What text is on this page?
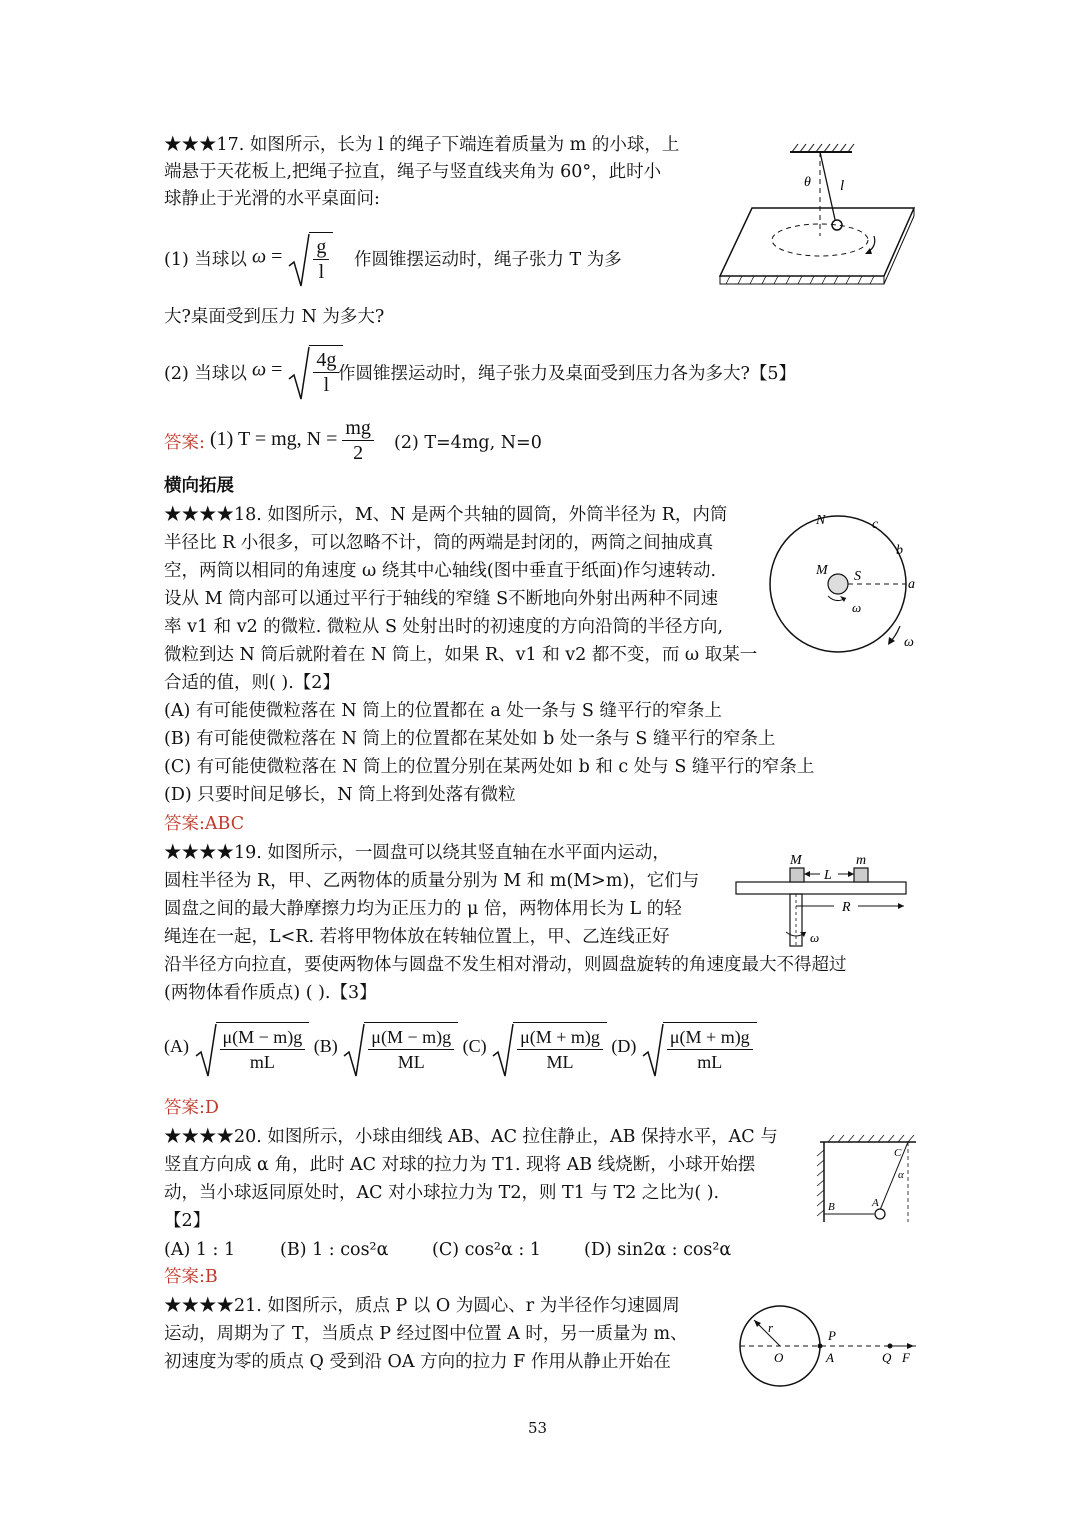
★★★17. 如图所示，长为 l 的绳子下端连着质量为 m 的小球，上
端悬于天花板上,把绳子拉直，绳子与竖直线夹角为 60°，此时小
球静止于光滑的水平桌面问:
(1) 当球以 $\omega = \frac{g}{l}$ 作圆锥摆运动时，绳子张力 T 为多
大?桌面受到压力 N 为多大?
(2) 当球以 $\omega = \frac{4g}{l}$
作圆锥摆运动时，绳子张力及桌面受到压力各为多大?【5】
答案: (1) T = mg, $N = \frac{mg}{2} (2)$ T=4mg, N=0
θ l
横向拓展
★★★★18. 如图所示，M、N 是两个共轴的圆筒，外筒半径为 R，内筒
半径比 R 小很多，可以忽略不计，筒的两端是封闭的，两筒之间抽成真
空，两筒以相同的角速度 ω 绕其中心轴线(图中垂直于纸面)作匀速转动.
设从 M 筒内部可以通过平行于轴线的窄缝 S不断地向外射出两种不同速
率 v1 和 v2 的微粒. 微粒从 S 处射出时的初速度的方向沿筒的半径方向,
微粒到达 N 筒后就附着在 N 筒上，如果 R、v1 和 v2 都不变，而 ω 取某一
合适的值，则( ).【2】
(A) 有可能使微粒落在 N 筒上的位置都在 a 处一条与 S 缝平行的窄条上
(B) 有可能使微粒落在 N 筒上的位置都在某处如 b 处一条与 S 缝平行的窄条上
(C) 有可能使微粒落在 N 筒上的位置分别在某两处如 b 和 c 处与 S 缝平行的窄条上
(D) 只要时间足够长，N 筒上将到处落有微粒
答案:ABC
N	c
b
M S
a
ω
ω
★★★★19. 如图所示，一圆盘可以绕其竖直轴在水平面内运动，
圆柱半径为 R，甲、乙两物体的质量分别为 M 和 m(M>m)，它们与
圆盘之间的最大静摩擦力均为正压力的 μ 倍，两物体用长为 L 的轻
绳连在一起，L<R. 若将甲物体放在转轴位置上，甲、乙连线正好
沿半径方向拉直，要使两物体与圆盘不发生相对滑动，则圆盘旋转的角速度最大不得超过
(两物体看作质点) ( ).【3】
$(A) \frac{\mu(M - m)g}{mL} (B) \frac{\mu(M - m)g}{ML} (C) \frac{\mu(M + m)g}{ML} (D) \frac{\mu(M + m)g}{mL}$
答案:D
M	m
L
R
ω
★★★★20. 如图所示，小球由细线 AB、AC 拉住静止，AB 保持水平，AC 与
竖直方向成 α 角，此时 AC 对球的拉力为 T1. 现将 AB 线烧断，小球开始摆
动，当小球返同原处时，AC 对小球拉力为 T2，则 T1 与 T2 之比为( ).
【2】
(A) 1 : 1	(B) 1 : cos²α (C) cos²α : 1 (D) sin2α : cos²α
答案:B
C
α
B	A
★★★★21. 如图所示，质点 P 以 O 为圆心、r 为半径作匀速圆周
运动，周期为了 T，当质点 P 经过图中位置 A 时，另一质量为 m、
初速度为零的质点 Q 受到沿 OA 方向的拉力 F 作用从静止开始在
r
O
P
A	Q F
53
